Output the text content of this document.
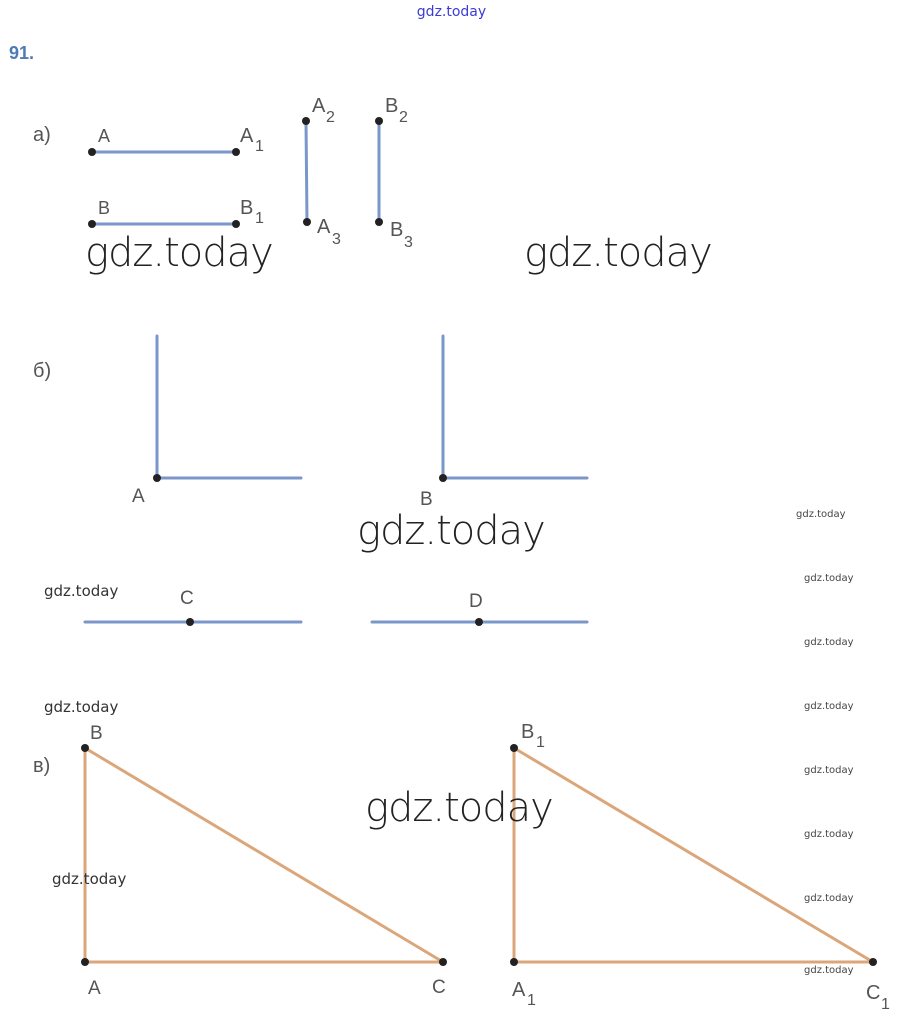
gdz.today
91.
а)
б)
в)
A	A 1
B	B 1
A
2
A
3
B
2
B
3
A	B
C	D
B
A	C
B 1
A 1	C
1
gdz.today	gdz.today
gdz.today
gdz.today
gdz.today
gdz.today
gdz.today
gdz.today
gdz.today
gdz.today
gdz.today
gdz.today
gdz.today
gdz.today
gdz.today
